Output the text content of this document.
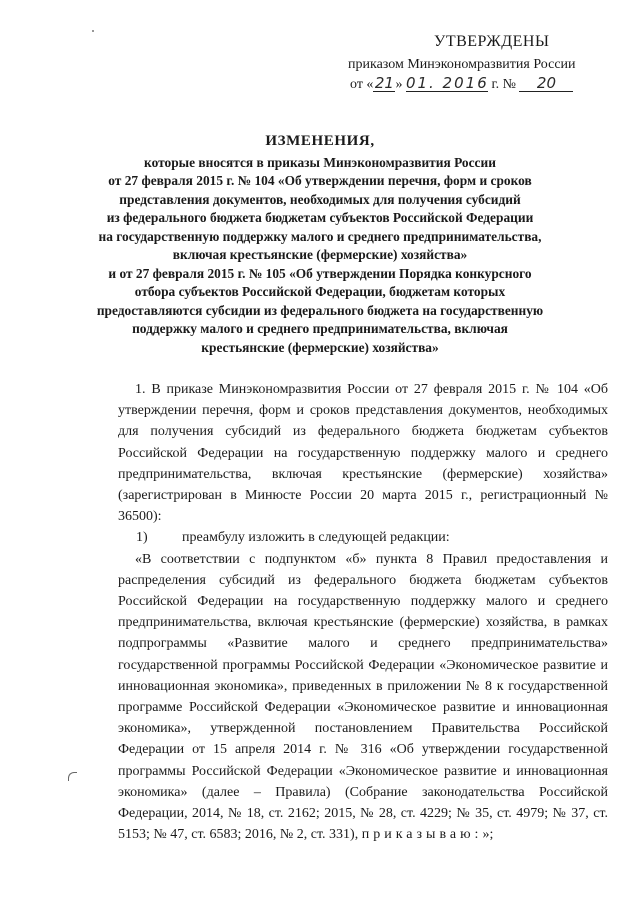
УТВЕРЖДЕНЫ
приказом Минэкономразвития России
от «21» 01. 2016 г. № 20
ИЗМЕНЕНИЯ,
которые вносятся в приказы Минэкономразвития России
от 27 февраля 2015 г. № 104 «Об утверждении перечня, форм и сроков
представления документов, необходимых для получения субсидий
из федерального бюджета бюджетам субъектов Российской Федерации
на государственную поддержку малого и среднего предпринимательства,
включая крестьянские (фермерские) хозяйства»
и от 27 февраля 2015 г. № 105 «Об утверждении Порядка конкурсного
отбора субъектов Российской Федерации, бюджетам которых
предоставляются субсидии из федерального бюджета на государственную
поддержку малого и среднего предпринимательства, включая
крестьянские (фермерские) хозяйства»

1. В приказе Минэкономразвития России от 27 февраля 2015 г. № 104 «Об утверждении перечня, форм и сроков представления документов, необходимых для получения субсидий из федерального бюджета бюджетам субъектов Российской Федерации на государственную поддержку малого и среднего предпринимательства, включая крестьянские (фермерские) хозяйства» (зарегистрирован в Минюсте России 20 марта 2015 г., регистрационный № 36500):

1)	преамбулу изложить в следующей редакции:

«В соответствии с подпунктом «б» пункта 8 Правил предоставления и распределения субсидий из федерального бюджета бюджетам субъектов Российской Федерации на государственную поддержку малого и среднего предпринимательства, включая крестьянские (фермерские) хозяйства, в рамках подпрограммы «Развитие малого и среднего предпринимательства» государственной программы Российской Федерации «Экономическое развитие и инновационная экономика», приведенных в приложении № 8 к государственной программе Российской Федерации «Экономическое развитие и инновационная экономика», утвержденной постановлением Правительства Российской Федерации от 15 апреля 2014 г. № 316 «Об утверждении государственной программы Российской Федерации «Экономическое развитие и инновационная экономика» (далее – Правила) (Собрание законодательства Российской Федерации, 2014, № 18, ст. 2162; 2015, № 28, ст. 4229; № 35, ст. 4979; № 37, ст. 5153; № 47, ст. 6583; 2016, № 2, ст. 331), приказываю:»;
